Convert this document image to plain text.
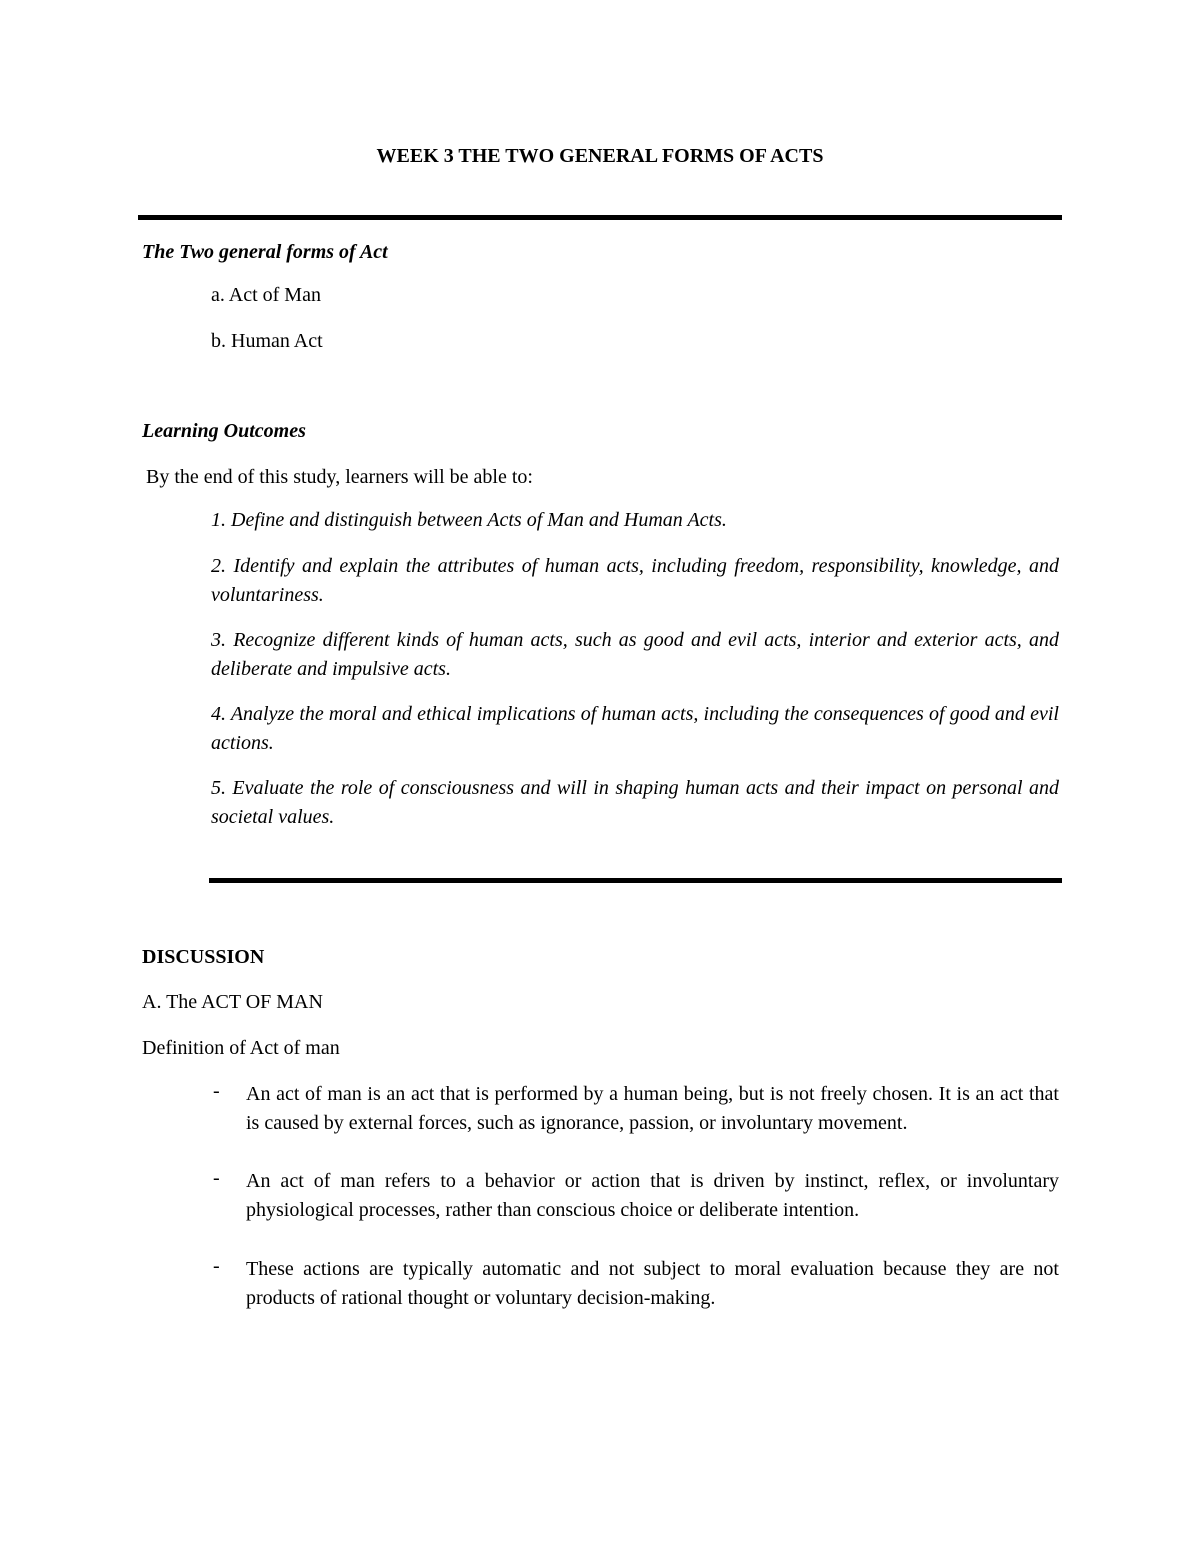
WEEK 3 THE TWO GENERAL FORMS OF ACTS
The Two general forms of Act
a. Act of Man
b. Human Act
Learning Outcomes
By the end of this study, learners will be able to:
1. Define and distinguish between Acts of Man and Human Acts.
2. Identify and explain the attributes of human acts, including freedom, responsibility, knowledge, and voluntariness.
3. Recognize different kinds of human acts, such as good and evil acts, interior and exterior acts, and deliberate and impulsive acts.
4. Analyze the moral and ethical implications of human acts, including the consequences of good and evil actions.
5. Evaluate the role of consciousness and will in shaping human acts and their impact on personal and societal values.
DISCUSSION
A. The ACT OF MAN
Definition of Act of man
- An act of man is an act that is performed by a human being, but is not freely chosen. It is an act that is caused by external forces, such as ignorance, passion, or involuntary movement.
- An act of man refers to a behavior or action that is driven by instinct, reflex, or involuntary physiological processes, rather than conscious choice or deliberate intention.
- These actions are typically automatic and not subject to moral evaluation because they are not products of rational thought or voluntary decision-making.
